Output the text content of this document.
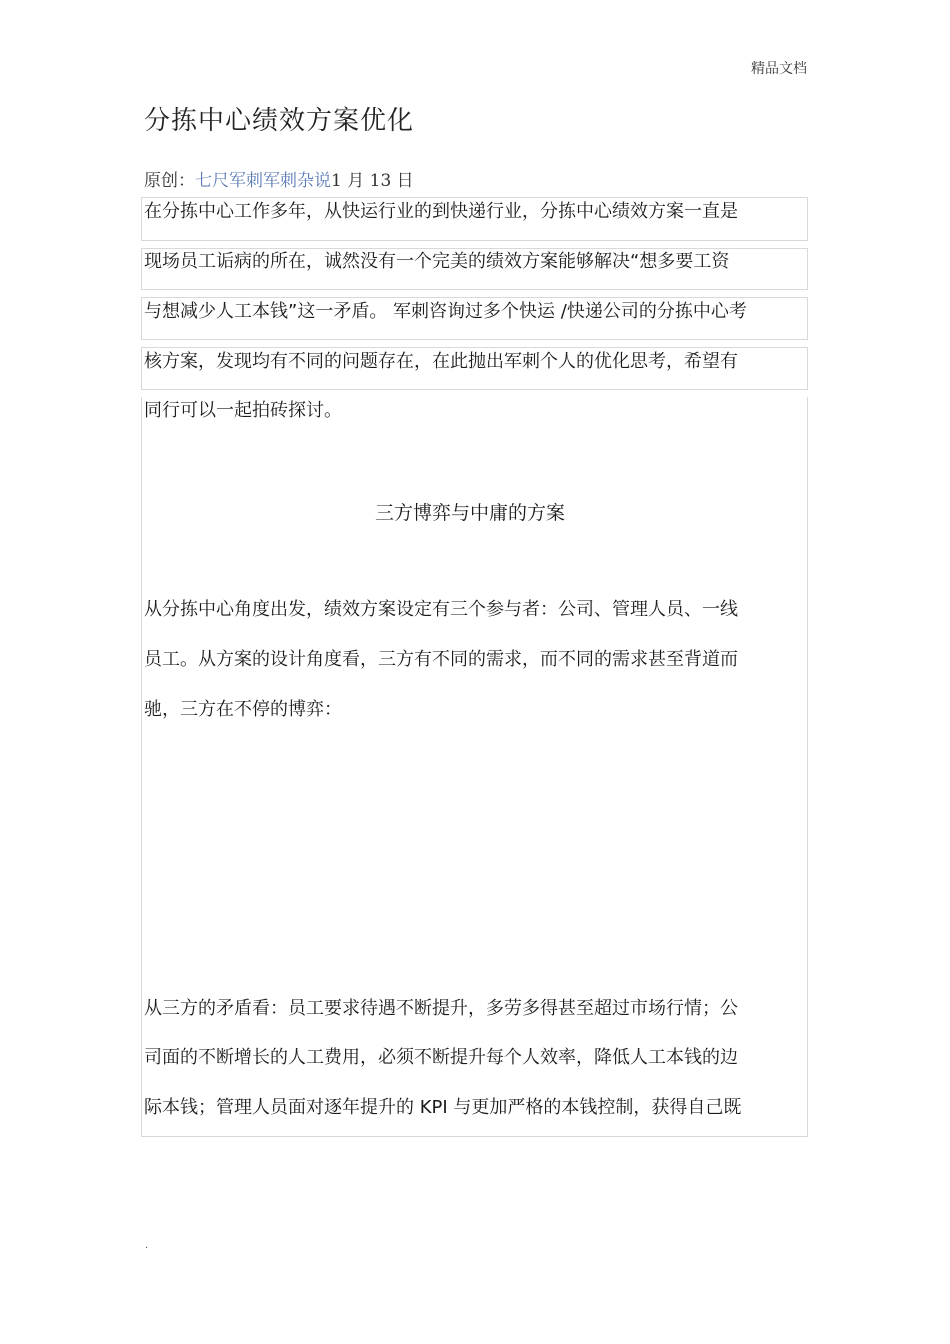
精品文档
分拣中心绩效方案优化
原创：七尺军刺军刺杂说1 月 13 日
在分拣中心工作多年，从快运行业的到快递行业，分拣中心绩效方案一直是
现场员工诟病的所在，诚然没有一个完美的绩效方案能够解决“想多要工资
与想减少人工本钱”这一矛盾。 军刺咨询过多个快运 /快递公司的分拣中心考
核方案，发现均有不同的问题存在，在此抛出军刺个人的优化思考，希望有
同行可以一起拍砖探讨。
三方博弈与中庸的方案
从分拣中心角度出发，绩效方案设定有三个参与者：公司、管理人员、一线
员工。从方案的设计角度看，三方有不同的需求，而不同的需求甚至背道而
驰，三方在不停的博弈：
从三方的矛盾看：员工要求待遇不断提升，多劳多得甚至超过市场行情；公
司面的不断增长的人工费用，必须不断提升每个人效率，降低人工本钱的边
际本钱；管理人员面对逐年提升的 KPI 与更加严格的本钱控制，获得自己既
.
